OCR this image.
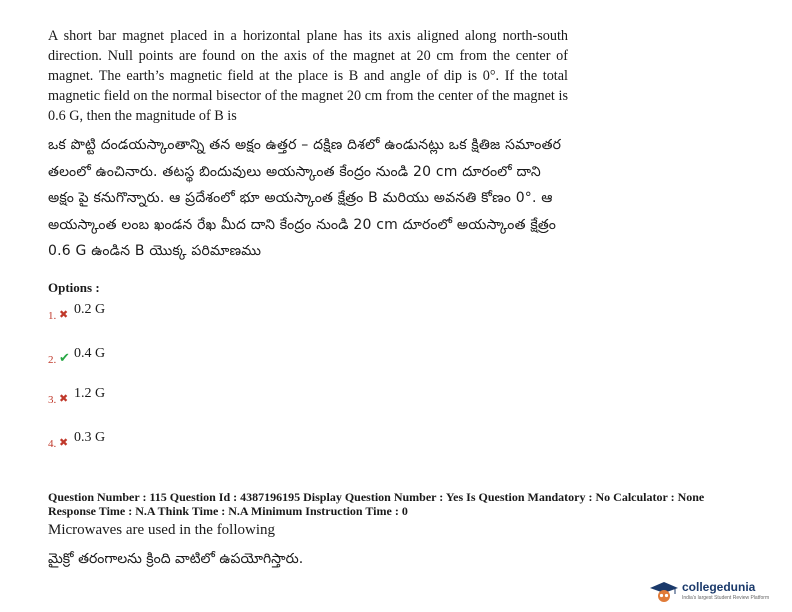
A short bar magnet placed in a horizontal plane has its axis aligned along north-south direction. Null points are found on the axis of the magnet at 20 cm from the center of magnet. The earth’s magnetic field at the place is B and angle of dip is 0°. If the total magnetic field on the normal bisector of the magnet 20 cm from the center of the magnet is 0.6 G, then the magnitude of B is
ఒక పొట్టి దండయస్కాంతాన్ని తన అక్షం ఉత్తర – దక్షిణ దిశలో ఉండునట్లు ఒక క్షితిజ సమాంతర తలంలో ఉంచినారు. తటస్థ బిందువులు అయస్కాంత కేంద్రం నుండి 20 cm దూరంలో దాని అక్షం పై కనుగొన్నారు. ఆ ప్రదేశంలో భూ అయస్కాంత క్షేత్రం B మరియు అవనతి కోణం 0°. ఆ అయస్కాంత లంబ ఖండన రేఖ మీద దాని కేంద్రం నుండి 20 cm దూరంలో అయస్కాంత క్షేత్రం 0.6 G ఉండిన B యొక్క పరిమాణము
Options :
1. ✖ 0.2 G
2. ✔ 0.4 G
3. ✖ 1.2 G
4. ✖ 0.3 G
Question Number : 115 Question Id : 4387196195 Display Question Number : Yes Is Question Mandatory : No Calculator : None
Response Time : N.A Think Time : N.A Minimum Instruction Time : 0
Microwaves are used in the following
మైక్రో తరంగాలను క్రింది వాటిలో ఉపయోగిస్తారు.
collegedunia
India's largest Student Review Platform
